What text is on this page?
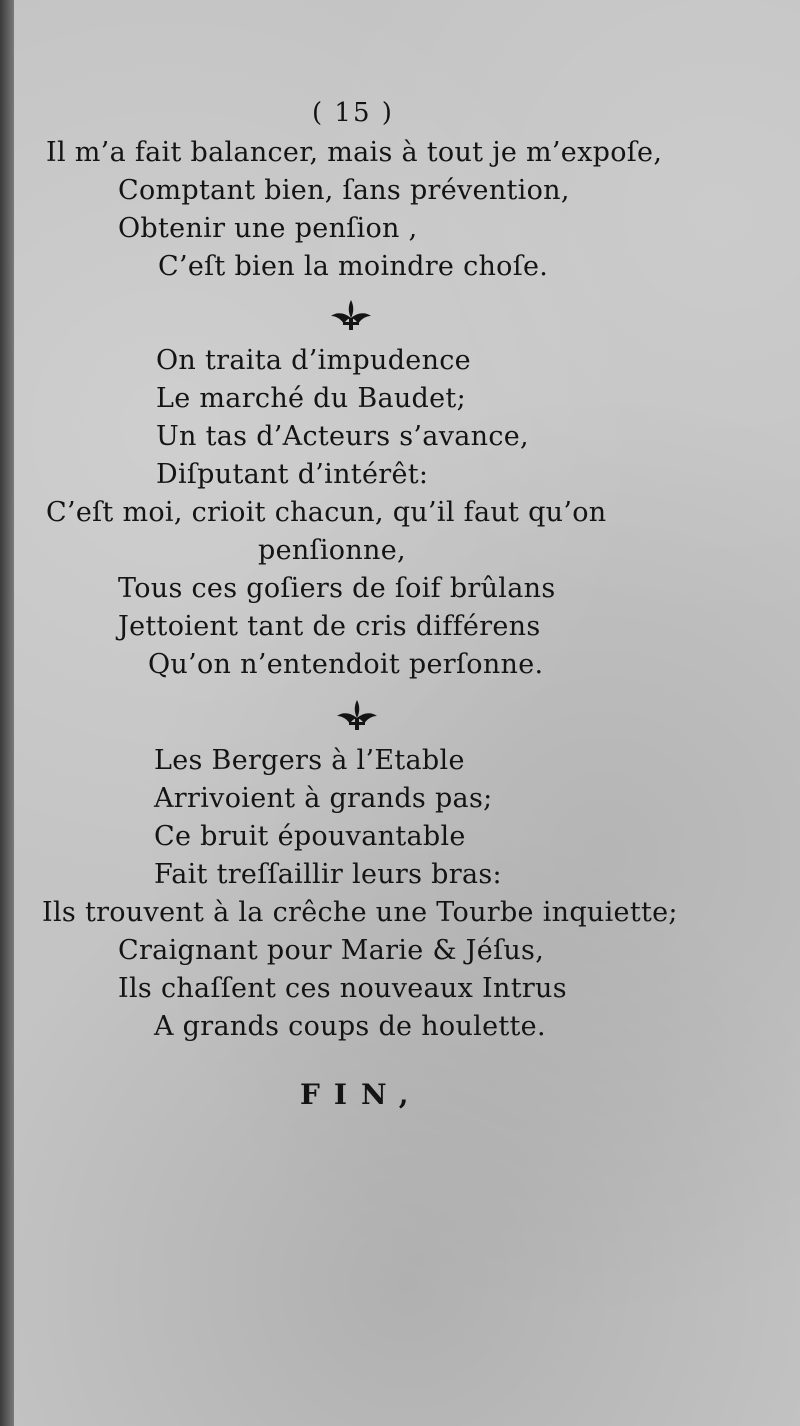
( 15 )
Il m’a fait balancer, mais à tout je m’expoſe,
Comptant bien, ſans prévention,
Obtenir une penſion ,
C’eſt bien la moindre choſe.
On traita d’impudence
Le marché du Baudet;
Un tas d’Acteurs s’avance,
Diſputant d’intérêt:
C’eſt moi, crioit chacun, qu’il faut qu’on
penſionne,
Tous ces goſiers de ſoif brûlans
Jettoient tant de cris différens
Qu’on n’entendoit perſonne.
Les Bergers à l’Etable
Arrivoient à grands pas;
Ce bruit épouvantable
Fait treſſaillir leurs bras:
Ils trouvent à la crêche une Tourbe inquiette;
Craignant pour Marie & Jéſus,
Ils chaſſent ces nouveaux Intrus
A grands coups de houlette.
FIN,
